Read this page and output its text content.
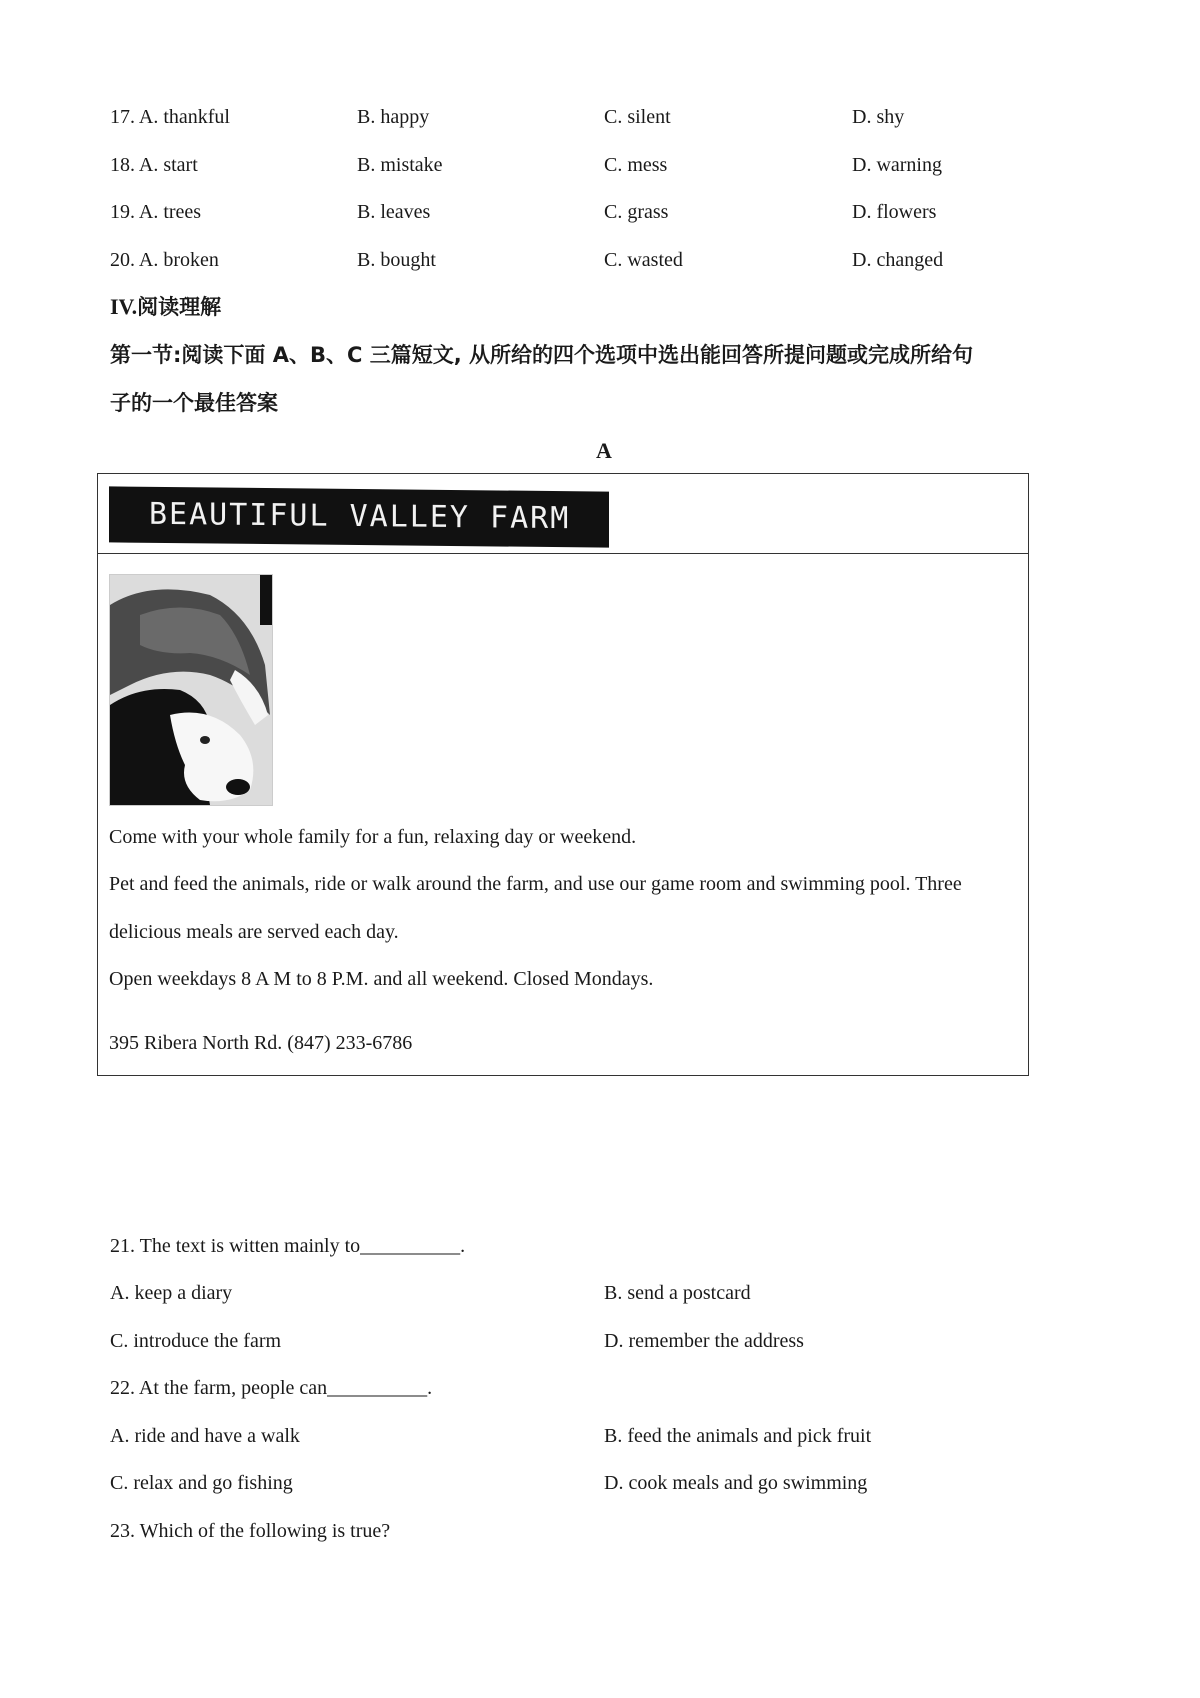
17. A. thankful	B. happy	C. silent	D. shy
18. A. start	B. mistake	C. mess	D. warning
19. A. trees	B. leaves	C. grass	D. flowers
20. A. broken	B. bought	C. wasted	D. changed
IV.阅读理解
第一节:阅读下面 A、B、C 三篇短文, 从所给的四个选项中选出能回答所提问题或完成所给句
子的一个最佳答案
A
BEAUTIFUL VALLEY FARM
Come with your whole family for a fun, relaxing day or weekend.
Pet and feed the animals, ride or walk around the farm, and use our game room and swimming pool. Three
delicious meals are served each day.
Open weekdays 8 A M to 8 P.M. and all weekend. Closed Mondays.
395 Ribera North Rd. (847) 233-6786
21. The text is witten mainly to__________.
A. keep a diary	B. send a postcard
C. introduce the farm	D. remember the address
22. At the farm, people can__________.
A. ride and have a walk	B. feed the animals and pick fruit
C. relax and go fishing	D. cook meals and go swimming
23. Which of the following is true?
